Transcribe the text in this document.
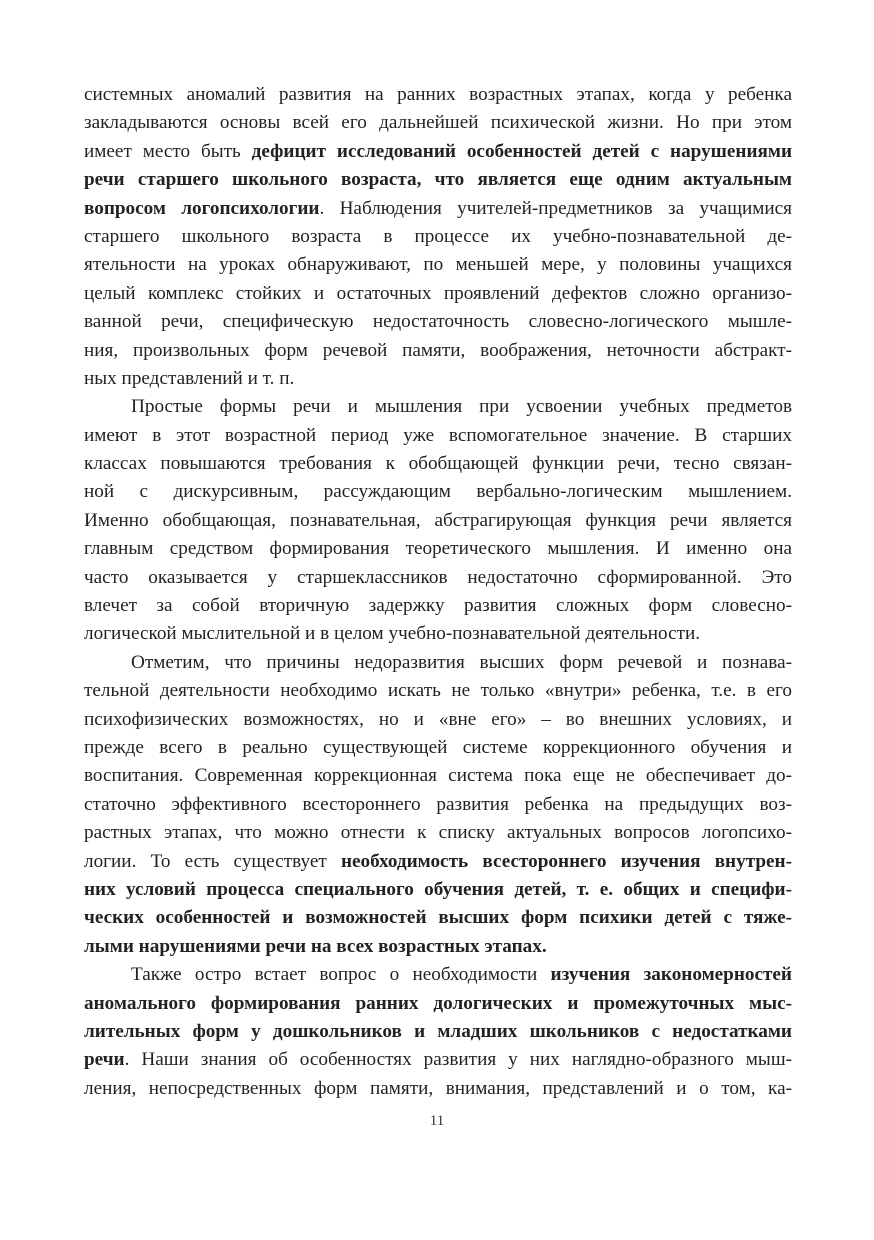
системных аномалий развития на ранних возрастных этапах, когда у ребенка
закладываются основы всей его дальнейшей психической жизни. Но при этом
имеет место быть дефицит исследований особенностей детей с нарушениями
речи старшего школьного возраста, что является еще одним актуальным
вопросом логопсихологии. Наблюдения учителей-предметников за учащимися
старшего школьного возраста в процессе их учебно-познавательной де-
ятельности на уроках обнаруживают, по меньшей мере, у половины учащихся
целый комплекс стойких и остаточных проявлений дефектов сложно организо-
ванной речи, специфическую недостаточность словесно-логического мышле-
ния, произвольных форм речевой памяти, воображения, неточности абстракт-
ных представлений и т. п.
Простые формы речи и мышления при усвоении учебных предметов
имеют в этот возрастной период уже вспомогательное значение. В старших
классах повышаются требования к обобщающей функции речи, тесно связан-
ной с дискурсивным, рассуждающим вербально-логическим мышлением.
Именно обобщающая, познавательная, абстрагирующая функция речи является
главным средством формирования теоретического мышления. И именно она
часто оказывается у старшеклассников недостаточно сформированной. Это
влечет за собой вторичную задержку развития сложных форм словесно-
логической мыслительной и в целом учебно-познавательной деятельности.
Отметим, что причины недоразвития высших форм речевой и познава-
тельной деятельности необходимо искать не только «внутри» ребенка, т.е. в его
психофизических возможностях, но и «вне его» – во внешних условиях, и
прежде всего в реально существующей системе коррекционного обучения и
воспитания. Современная коррекционная система пока еще не обеспечивает до-
статочно эффективного всестороннего развития ребенка на предыдущих воз-
растных этапах, что можно отнести к списку актуальных вопросов логопсихо-
логии. То есть существует необходимость всестороннего изучения внутрен-
них условий процесса специального обучения детей, т. е. общих и специфи-
ческих особенностей и возможностей высших форм психики детей с тяже-
лыми нарушениями речи на всех возрастных этапах.
Также остро встает вопрос о необходимости изучения закономерностей
аномального формирования ранних дологических и промежуточных мыс-
лительных форм у дошкольников и младших школьников с недостатками
речи. Наши знания об особенностях развития у них наглядно-образного мыш-
ления, непосредственных форм памяти, внимания, представлений и о том, ка-
11
